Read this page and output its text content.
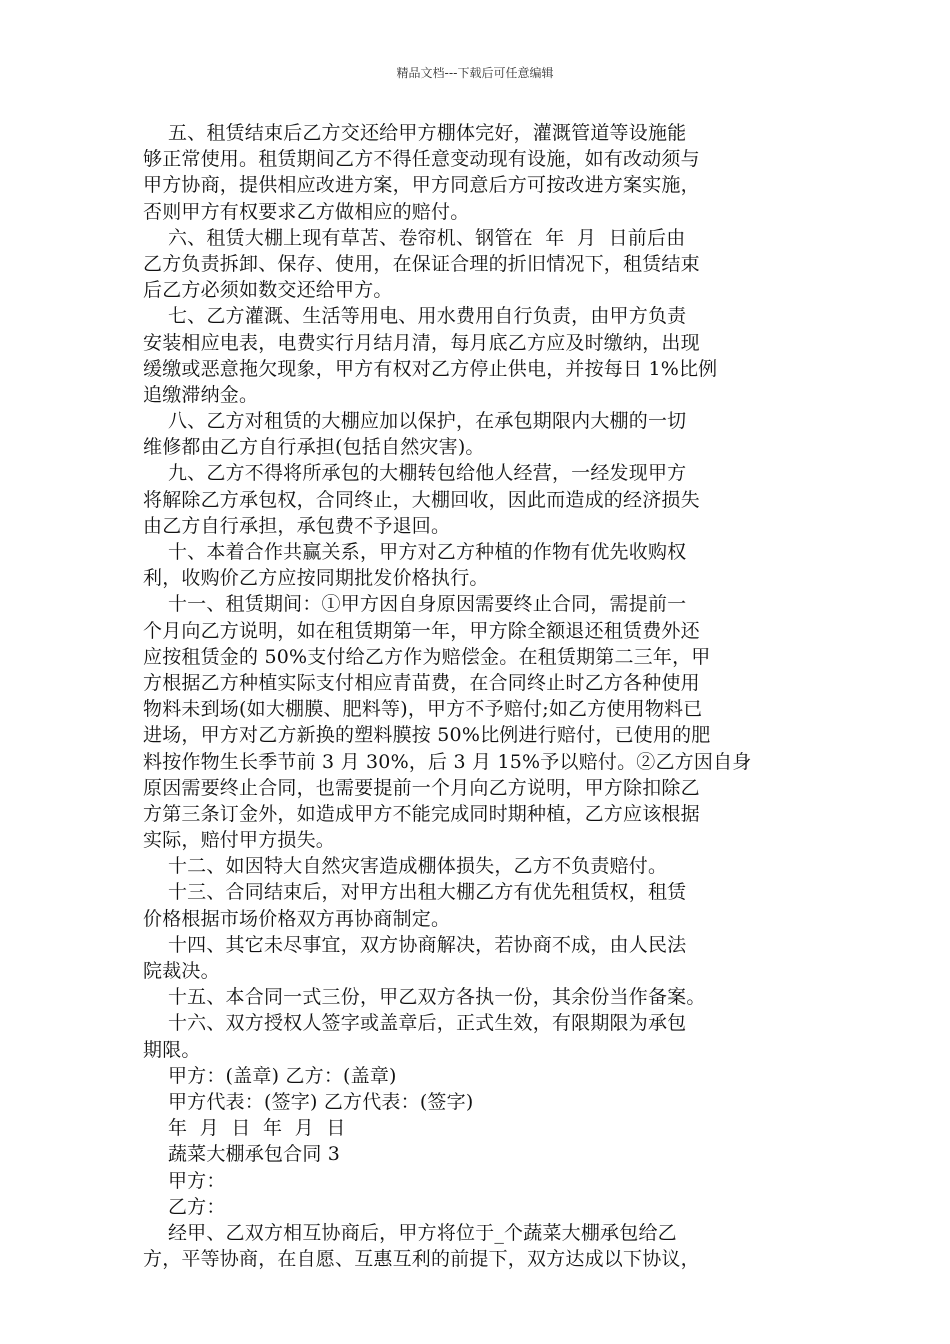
精品文档---下载后可任意编辑
五、租赁结束后乙方交还给甲方棚体完好，灌溉管道等设施能
够正常使用。租赁期间乙方不得任意变动现有设施，如有改动须与
甲方协商，提供相应改进方案，甲方同意后方可按改进方案实施，
否则甲方有权要求乙方做相应的赔付。
六、租赁大棚上现有草苫、卷帘机、钢管在  年  月  日前后由
乙方负责拆卸、保存、使用，在保证合理的折旧情况下，租赁结束
后乙方必须如数交还给甲方。
七、乙方灌溉、生活等用电、用水费用自行负责，由甲方负责
安装相应电表，电费实行月结月清，每月底乙方应及时缴纳，出现
缓缴或恶意拖欠现象，甲方有权对乙方停止供电，并按每日 1%比例
追缴滞纳金。
八、乙方对租赁的大棚应加以保护，在承包期限内大棚的一切
维修都由乙方自行承担(包括自然灾害)。
九、乙方不得将所承包的大棚转包给他人经营，一经发现甲方
将解除乙方承包权，合同终止，大棚回收，因此而造成的经济损失
由乙方自行承担，承包费不予退回。
十、本着合作共赢关系，甲方对乙方种植的作物有优先收购权
利，收购价乙方应按同期批发价格执行。
十一、租赁期间：①甲方因自身原因需要终止合同，需提前一
个月向乙方说明，如在租赁期第一年，甲方除全额退还租赁费外还
应按租赁金的 50%支付给乙方作为赔偿金。在租赁期第二三年，甲
方根据乙方种植实际支付相应青苗费，在合同终止时乙方各种使用
物料未到场(如大棚膜、肥料等)，甲方不予赔付;如乙方使用物料已
进场，甲方对乙方新换的塑料膜按 50%比例进行赔付，已使用的肥
料按作物生长季节前 3 月 30%，后 3 月 15%予以赔付。②乙方因自身
原因需要终止合同，也需要提前一个月向乙方说明，甲方除扣除乙
方第三条订金外，如造成甲方不能完成同时期种植，乙方应该根据
实际，赔付甲方损失。
十二、如因特大自然灾害造成棚体损失，乙方不负责赔付。
十三、合同结束后，对甲方出租大棚乙方有优先租赁权，租赁
价格根据市场价格双方再协商制定。
十四、其它未尽事宜，双方协商解决，若协商不成，由人民法
院裁决。
十五、本合同一式三份，甲乙双方各执一份，其余份当作备案。
十六、双方授权人签字或盖章后，正式生效，有限期限为承包
期限。
甲方：(盖章) 乙方：(盖章)
甲方代表：(签字) 乙方代表：(签字)
年  月  日  年  月  日
蔬菜大棚承包合同 3
甲方：
乙方：
经甲、乙双方相互协商后，甲方将位于_个蔬菜大棚承包给乙
方，平等协商，在自愿、互惠互利的前提下，双方达成以下协议，
